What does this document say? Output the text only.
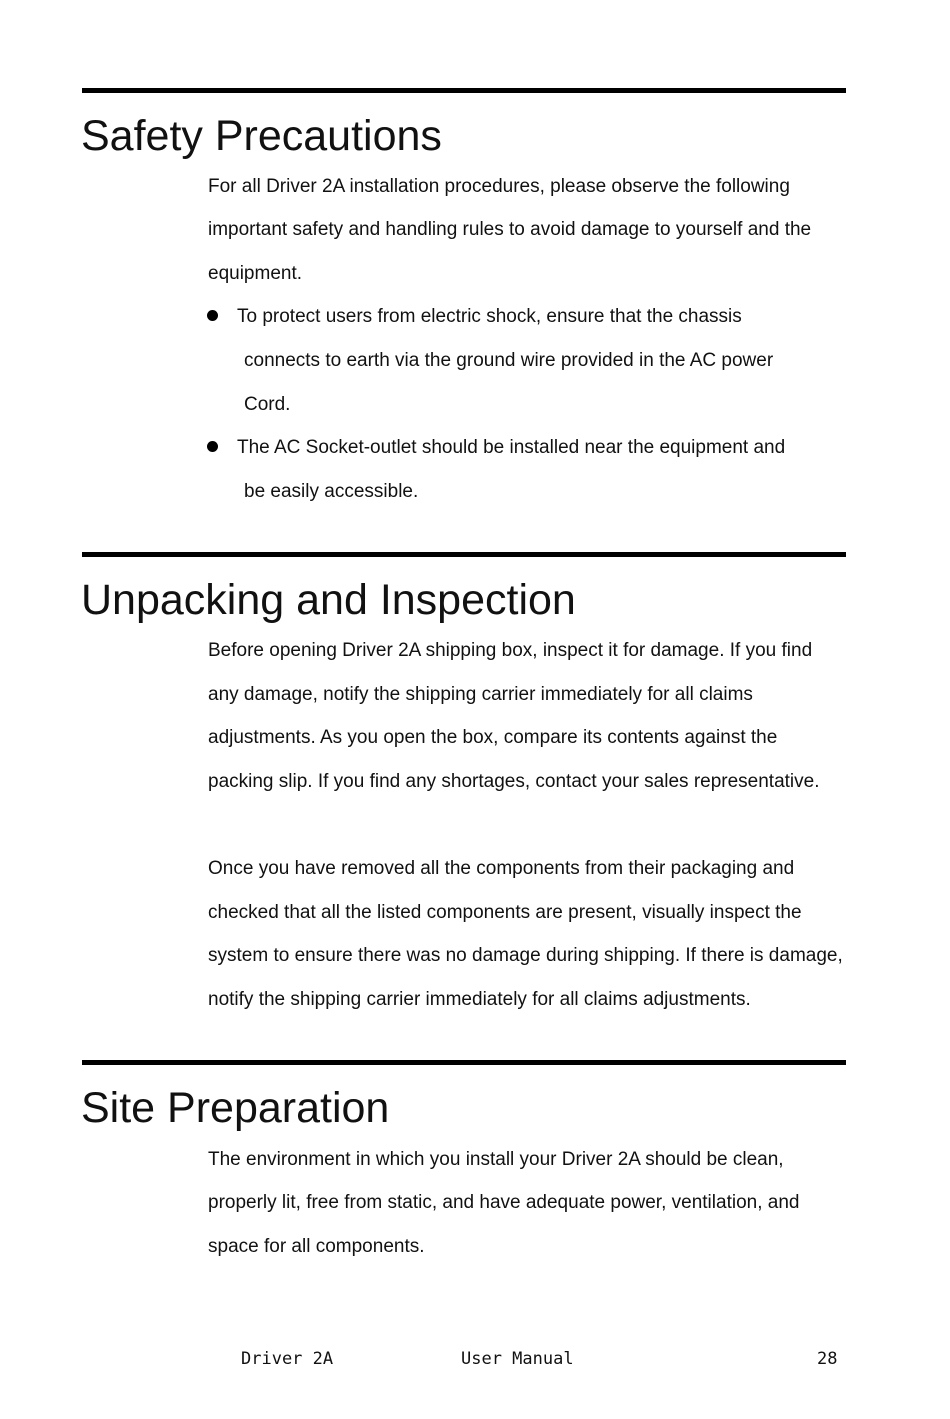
Safety Precautions
For all Driver 2A installation procedures, please observe the following
important safety and handling rules to avoid damage to yourself and the
equipment.
To protect users from electric shock, ensure that the chassis
connects to earth via the ground wire provided in the AC power
Cord.
The AC Socket-outlet should be installed near the equipment and
be easily accessible.
Unpacking and Inspection
Before opening Driver 2A shipping box, inspect it for damage. If you find
any damage, notify the shipping carrier immediately for all claims
adjustments. As you open the box, compare its contents against the
packing slip. If you find any shortages, contact your sales representative.
Once you have removed all the components from their packaging and
checked that all the listed components are present, visually inspect the
system to ensure there was no damage during shipping. If there is damage,
notify the shipping carrier immediately for all claims adjustments.
Site Preparation
The environment in which you install your Driver 2A should be clean,
properly lit, free from static, and have adequate power, ventilation, and
space for all components.
Driver 2A	User Manual	28
